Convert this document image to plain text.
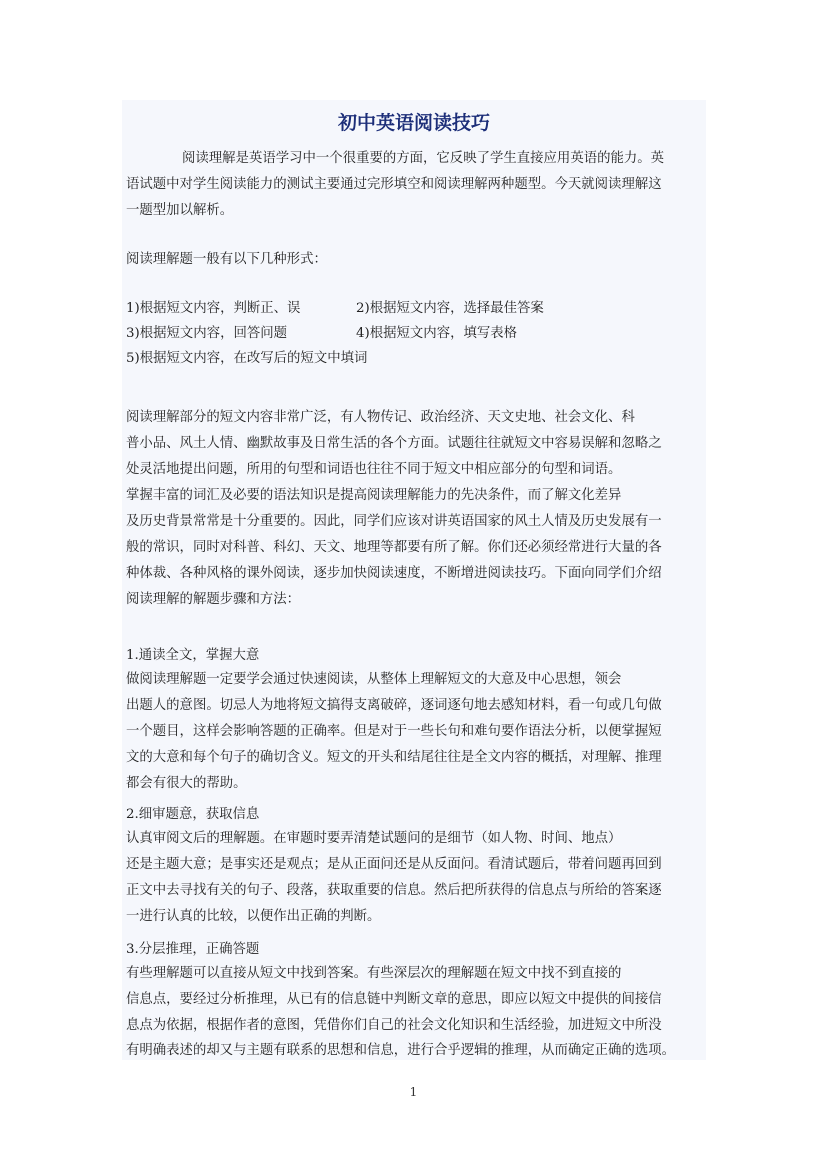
初中英语阅读技巧
阅读理解是英语学习中一个很重要的方面，它反映了学生直接应用英语的能力。英
语试题中对学生阅读能力的测试主要通过完形填空和阅读理解两种题型。今天就阅读理解这
一题型加以解析。
阅读理解题一般有以下几种形式：
1)根据短文内容，判断正、误	2)根据短文内容，选择最佳答案
3)根据短文内容，回答问题	4)根据短文内容，填写表格
5)根据短文内容，在改写后的短文中填词
阅读理解部分的短文内容非常广泛，有人物传记、政治经济、天文史地、社会文化、科
普小品、风土人情、幽默故事及日常生活的各个方面。试题往往就短文中容易误解和忽略之
处灵活地提出问题，所用的句型和词语也往往不同于短文中相应部分的句型和词语。
掌握丰富的词汇及必要的语法知识是提高阅读理解能力的先决条件，而了解文化差异
及历史背景常常是十分重要的。因此，同学们应该对讲英语国家的风土人情及历史发展有一
般的常识，同时对科普、科幻、天文、地理等都要有所了解。你们还必须经常进行大量的各
种体裁、各种风格的课外阅读，逐步加快阅读速度，不断增进阅读技巧。下面向同学们介绍
阅读理解的解题步骤和方法：
1.通读全文，掌握大意
做阅读理解题一定要学会通过快速阅读，从整体上理解短文的大意及中心思想，领会
出题人的意图。切忌人为地将短文搞得支离破碎，逐词逐句地去感知材料，看一句或几句做
一个题目，这样会影响答题的正确率。但是对于一些长句和难句要作语法分析，以便掌握短
文的大意和每个句子的确切含义。短文的开头和结尾往往是全文内容的概括，对理解、推理
都会有很大的帮助。
2.细审题意，获取信息
认真审阅文后的理解题。在审题时要弄清楚试题问的是细节（如人物、时间、地点）
还是主题大意；是事实还是观点；是从正面问还是从反面问。看清试题后，带着问题再回到
正文中去寻找有关的句子、段落，获取重要的信息。然后把所获得的信息点与所给的答案逐
一进行认真的比较，以便作出正确的判断。
3.分层推理，正确答题
有些理解题可以直接从短文中找到答案。有些深层次的理解题在短文中找不到直接的
信息点，要经过分析推理，从已有的信息链中判断文章的意思，即应以短文中提供的间接信
息点为依据，根据作者的意图，凭借你们自己的社会文化知识和生活经验，加进短文中所没
有明确表述的却又与主题有联系的思想和信息，进行合乎逻辑的推理，从而确定正确的选项。
1
